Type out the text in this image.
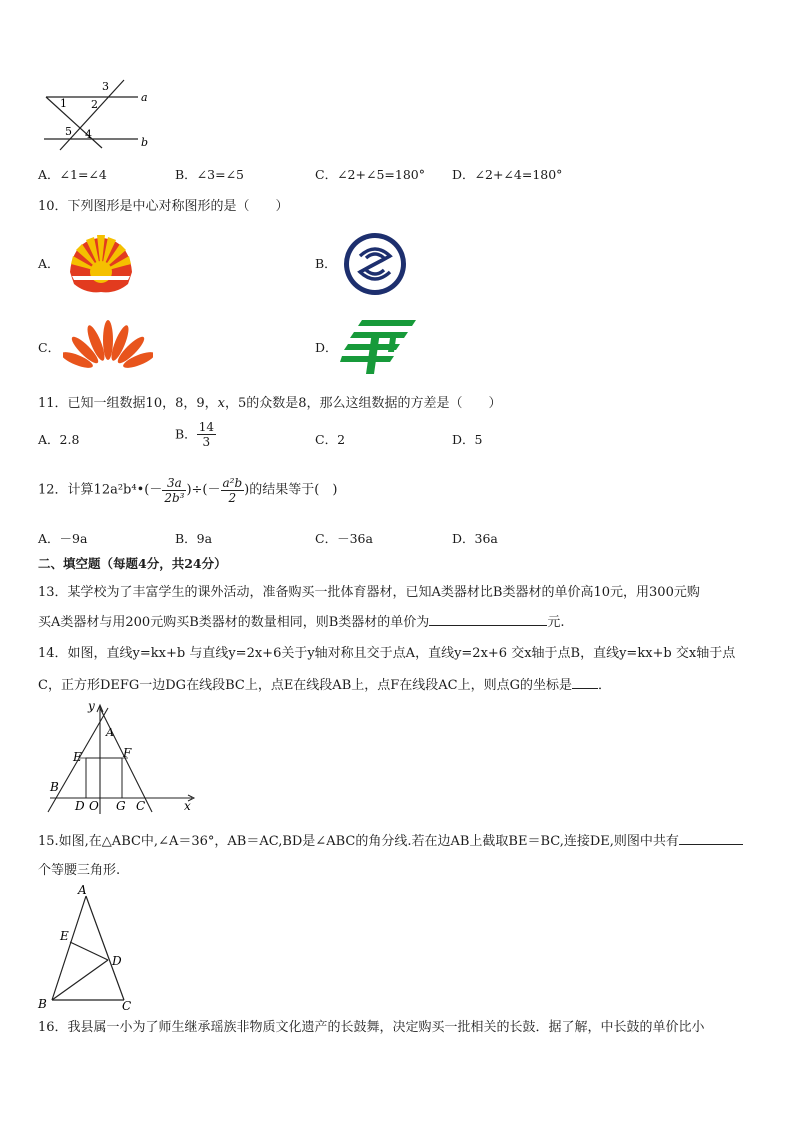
1 2
3
4
5
a
b
A．∠1=∠4	B．∠3=∠5	C．∠2+∠5=180° D．∠2+∠4=180°
10．下列图形是中心对称图形的是（　　）
A．	B．
C．	D．
11．已知一组数据10，8，9，x，5的众数是8，那么这组数据的方差是（　　）
A．2.8	B． $\frac{14}{3}$	C．2	D．5
12．计算12a²b⁴•(－ $\frac{3a}{\text{2b³}}$ )÷(－ $\frac{\text{a²b}}{2}$ )的结果等于(　)
A．－9a	B．9a	C．－36a	D．36a
二、填空题（每题4分，共24分）
13．某学校为了丰富学生的课外活动，准备购买一批体育器材，已知A类器材比B类器材的单价高10元，用300元购
买A类器材与用200元购买B类器材的数量相同，则B类器材的单价为	元.
14．如图，直线y=kx+b 与直线y=2x+6关于y轴对称且交于点A，直线y=2x+6 交x轴于点B，直线y=kx+b 交x轴于点
C，正方形DEFG一边DG在线段BC上，点E在线段AB上，点F在线段AC上，则点G的坐标是 ．
y
A
E	F
B
D O G C	x
15.如图,在△ABC中,∠A＝36°，AB＝AC,BD是∠ABC的角分线.若在边AB上截取BE＝BC,连接DE,则图中共有
个等腰三角形.
A
E
D
B	C
16．我县属一小为了师生继承瑶族非物质文化遗产的长鼓舞，决定购买一批相关的长鼓．据了解，中长鼓的单价比小
